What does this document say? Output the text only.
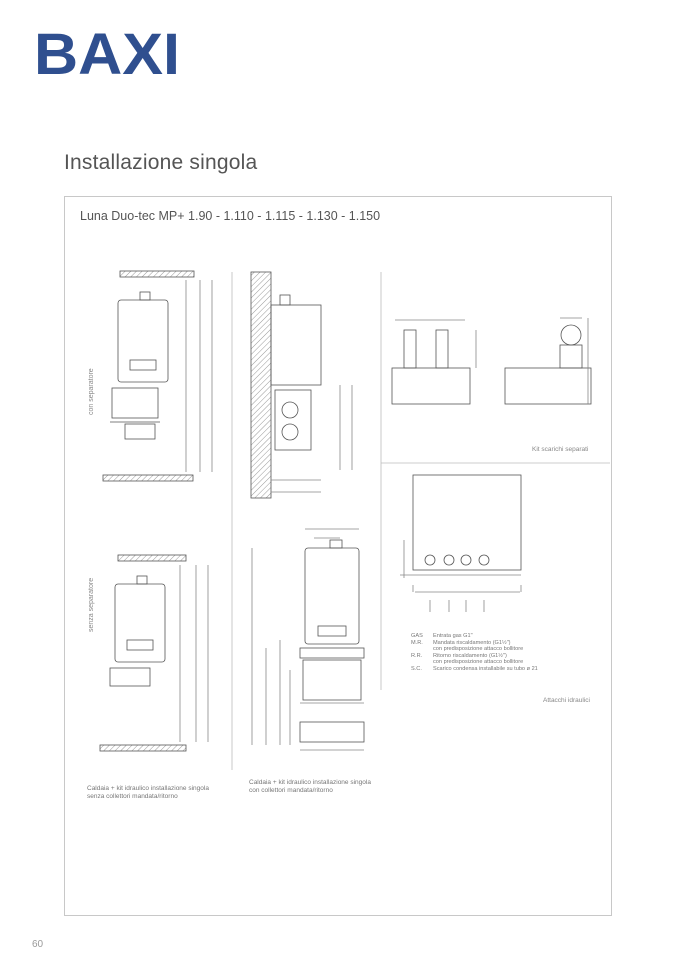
BAXI
Installazione singola
Luna Duo-tec MP+ 1.90 - 1.110 - 1.115 - 1.130 - 1.150
con separatore
senza separatore
Kit scarichi separati
Attacchi idraulici
GAS	Entrata gas G1"
M.R.	Mandata riscaldamento (G1½")
con predisposizione attacco bollitore
R.R.	Ritorno riscaldamento (G1½")
con predisposizione attacco bollitore
S.C.	Scarico condensa installabile su tubo ø 21
Caldaia + kit idraulico installazione singola
senza collettori mandata/ritorno
Caldaia + kit idraulico installazione singola
con collettori mandata/ritorno
60
